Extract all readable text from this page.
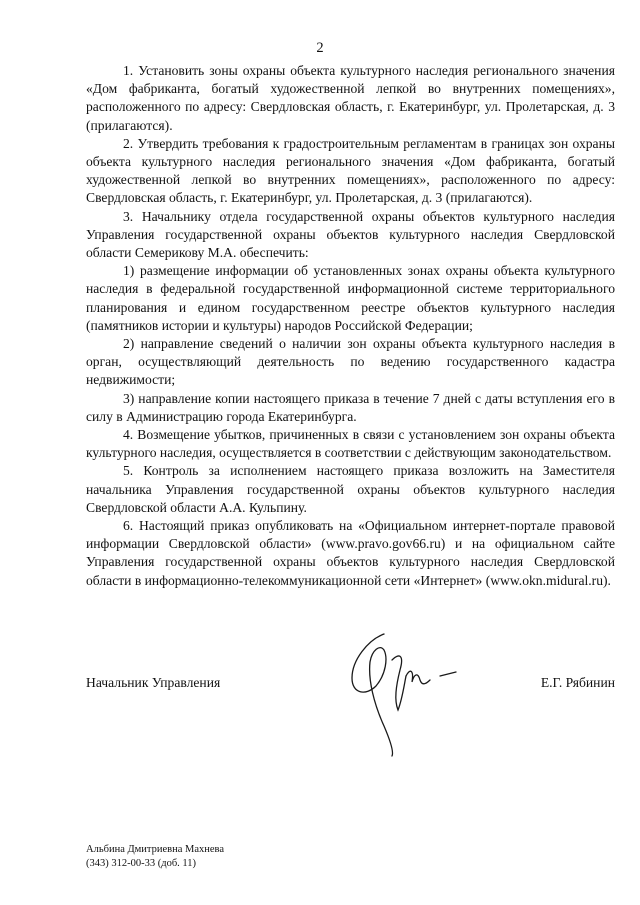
2

1. Установить зоны охраны объекта культурного наследия регионального значения «Дом фабриканта, богатый художественной лепкой во внутренних помещениях», расположенного по адресу: Свердловская область, г. Екатеринбург, ул. Пролетарская, д. 3 (прилагаются).

2. Утвердить требования к градостроительным регламентам в границах зон охраны объекта культурного наследия регионального значения «Дом фабриканта, богатый художественной лепкой во внутренних помещениях», расположенного по адресу: Свердловская область, г. Екатеринбург, ул. Пролетарская, д. 3 (прилагаются).

3. Начальнику отдела государственной охраны объектов культурного наследия Управления государственной охраны объектов культурного наследия Свердловской области Семерикову М.А. обеспечить:

1) размещение информации об установленных зонах охраны объекта культурного наследия в федеральной государственной информационной системе территориального планирования и едином государственном реестре объектов культурного наследия (памятников истории и культуры) народов Российской Федерации;

2) направление сведений о наличии зон охраны объекта культурного наследия в орган, осуществляющий деятельность по ведению государственного кадастра недвижимости;

3) направление копии настоящего приказа в течение 7 дней с даты вступления его в силу в Администрацию города Екатеринбурга.

4. Возмещение убытков, причиненных в связи с установлением зон охраны объекта культурного наследия, осуществляется в соответствии с действующим законодательством.

5. Контроль за исполнением настоящего приказа возложить на Заместителя начальника Управления государственной охраны объектов культурного наследия Свердловской области А.А. Кульпину.

6. Настоящий приказ опубликовать на «Официальном интернет-портале правовой информации Свердловской области» (www.pravo.gov66.ru) и на официальном сайте Управления государственной охраны объектов культурного наследия Свердловской области в информационно-телекоммуникационной сети «Интернет» (www.okn.midural.ru).

Начальник Управления	Е.Г. Рябинин
Альбина Дмитриевна Махнева
(343) 312-00-33 (доб. 11)
